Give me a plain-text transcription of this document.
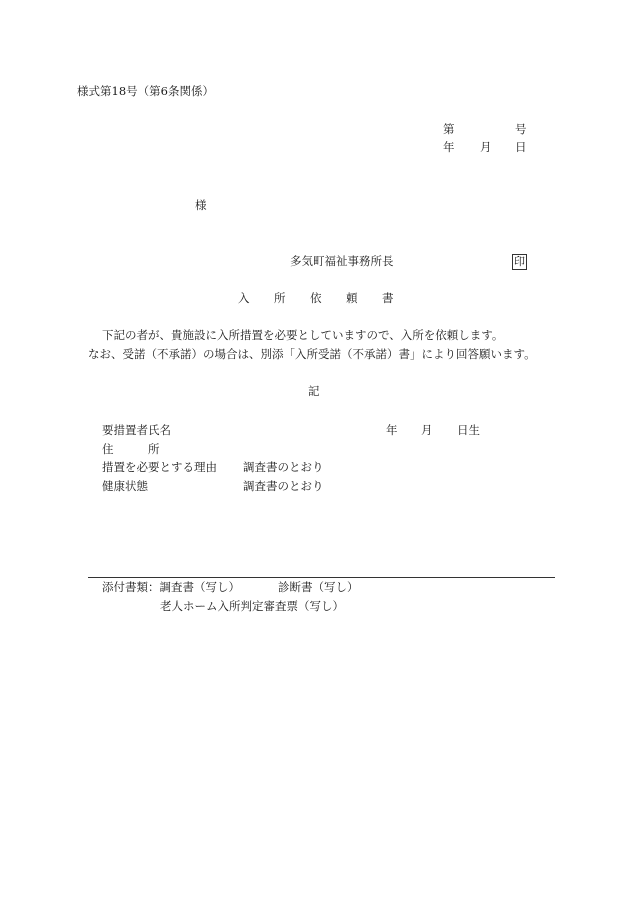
様式第18号（第6条関係）
第	号
年 月 日
様
多気町福祉事務所長	印
入 所 依 頼 書
下記の者が、貴施設に入所措置を必要としていますので、入所を依頼します。
なお、受諾（不承諾）の場合は、別添「入所受諾（不承諾）書」により回答願います。
記
要措置者氏名	年 月 日生
住	所
措置を必要とする理由 調査書のとおり
健康状態	調査書のとおり
添付書類：調査書（写し）	診断書（写し）
老人ホーム入所判定審査票（写し）
